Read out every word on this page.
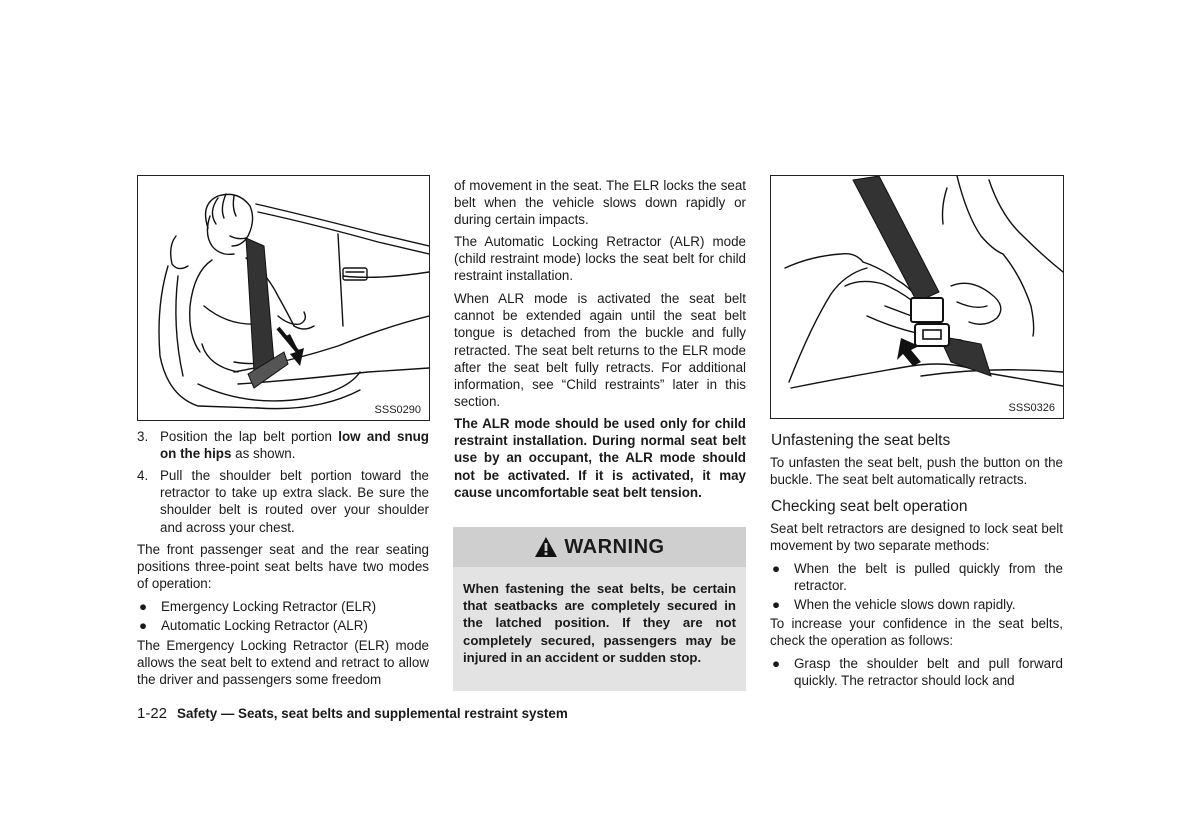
SSS0290
3. Position the lap belt portion low and snug on the hips as shown.
4. Pull the shoulder belt portion toward the retractor to take up extra slack. Be sure the shoulder belt is routed over your shoulder and across your chest.

The front passenger seat and the rear seating positions three-point seat belts have two modes of operation:

● Emergency Locking Retractor (ELR)
● Automatic Locking Retractor (ALR)

The Emergency Locking Retractor (ELR) mode allows the seat belt to extend and retract to allow the driver and passengers some freedom

of movement in the seat. The ELR locks the seat belt when the vehicle slows down rapidly or during certain impacts.

The Automatic Locking Retractor (ALR) mode (child restraint mode) locks the seat belt for child restraint installation.

When ALR mode is activated the seat belt cannot be extended again until the seat belt tongue is detached from the buckle and fully retracted. The seat belt returns to the ELR mode after the seat belt fully retracts. For additional information, see “Child restraints” later in this section.

The ALR mode should be used only for child restraint installation. During normal seat belt use by an occupant, the ALR mode should not be activated. If it is activated, it may cause uncomfortable seat belt tension.

WARNING
When fastening the seat belts, be certain that seatbacks are completely secured in the latched position. If they are not completely secured, passengers may be injured in an accident or sudden stop.
SSS0326
Unfastening the seat belts

To unfasten the seat belt, push the button on the buckle. The seat belt automatically retracts.

Checking seat belt operation

Seat belt retractors are designed to lock seat belt movement by two separate methods:

● When the belt is pulled quickly from the retractor.
● When the vehicle slows down rapidly.

To increase your confidence in the seat belts, check the operation as follows:

● Grasp the shoulder belt and pull forward quickly. The retractor should lock and
1-22 Safety — Seats, seat belts and supplemental restraint system
